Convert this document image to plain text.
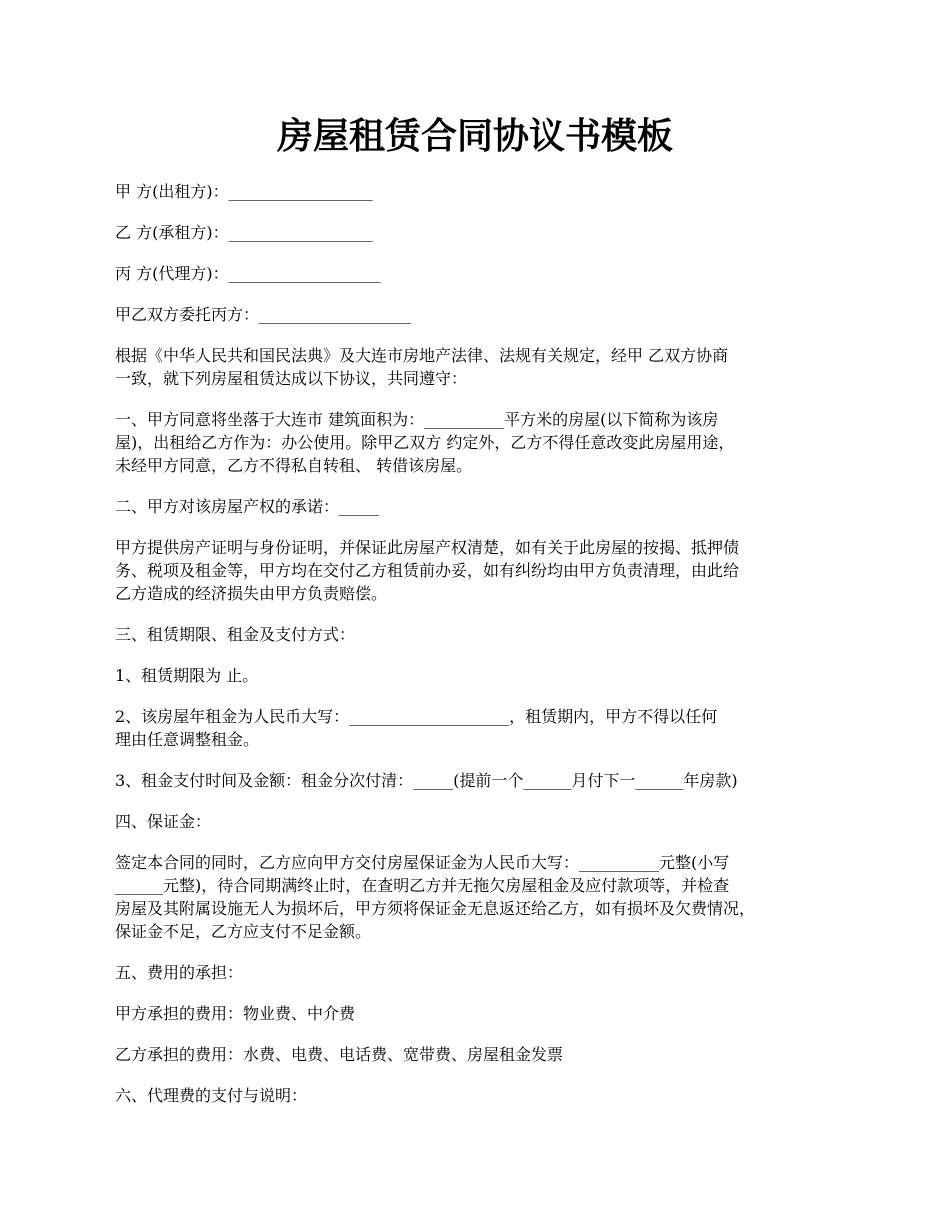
房屋租赁合同协议书模板

甲 方(出租方)：__________________

乙 方(承租方)：__________________

丙 方(代理方)：___________________

甲乙双方委托丙方：___________________

根据《中华人民共和国民法典》及大连市房地产法律、法规有关规定，经甲 乙双方协商
一致，就下列房屋租赁达成以下协议，共同遵守：

一、甲方同意将坐落于大连市 建筑面积为：__________平方米的房屋(以下简称为该房
屋)，出租给乙方作为：办公使用。除甲乙双方 约定外，乙方不得任意改变此房屋用途，
未经甲方同意，乙方不得私自转租、 转借该房屋。

二、甲方对该房屋产权的承诺：_____

甲方提供房产证明与身份证明，并保证此房屋产权清楚，如有关于此房屋的按揭、抵押债
务、税项及租金等，甲方均在交付乙方租赁前办妥，如有纠纷均由甲方负责清理，由此给
乙方造成的经济损失由甲方负责赔偿。

三、租赁期限、租金及支付方式：

1、租赁期限为 止。

2、该房屋年租金为人民币大写：____________________，租赁期内，甲方不得以任何
理由任意调整租金。

3、租金支付时间及金额：租金分次付清：_____(提前一个______月付下一______年房款)

四、保证金：

签定本合同的同时，乙方应向甲方交付房屋保证金为人民币大写：__________元整(小写
______元整)，待合同期满终止时，在查明乙方并无拖欠房屋租金及应付款项等，并检查
房屋及其附属设施无人为损坏后，甲方须将保证金无息返还给乙方，如有损坏及欠费情况，
保证金不足，乙方应支付不足金额。

五、费用的承担：

甲方承担的费用：物业费、中介费

乙方承担的费用：水费、电费、电话费、宽带费、房屋租金发票

六、代理费的支付与说明：
